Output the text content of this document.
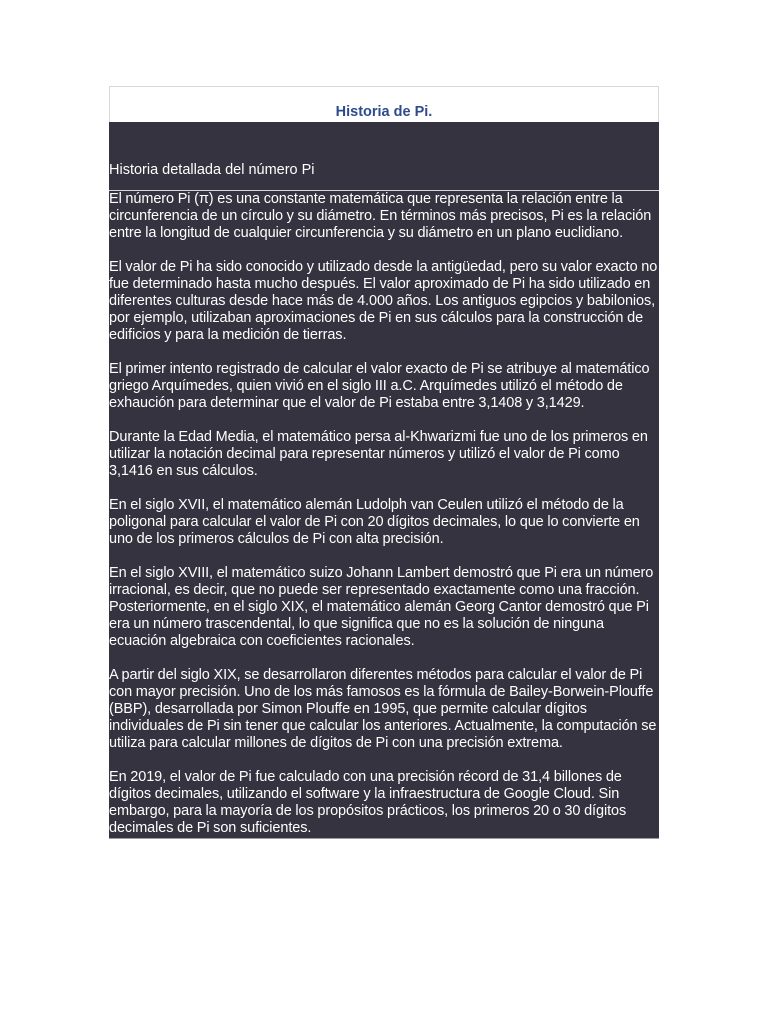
Historia de Pi.
Historia detallada del número Pi

El número Pi (π) es una constante matemática que representa la relación entre la circunferencia de un círculo y su diámetro. En términos más precisos, Pi es la relación entre la longitud de cualquier circunferencia y su diámetro en un plano euclidiano.

El valor de Pi ha sido conocido y utilizado desde la antigüedad, pero su valor exacto no fue determinado hasta mucho después. El valor aproximado de Pi ha sido utilizado en diferentes culturas desde hace más de 4.000 años. Los antiguos egipcios y babilonios, por ejemplo, utilizaban aproximaciones de Pi en sus cálculos para la construcción de edificios y para la medición de tierras.

El primer intento registrado de calcular el valor exacto de Pi se atribuye al matemático griego Arquímedes, quien vivió en el siglo III a.C. Arquímedes utilizó el método de exhaución para determinar que el valor de Pi estaba entre 3,1408 y 3,1429.

Durante la Edad Media, el matemático persa al-Khwarizmi fue uno de los primeros en utilizar la notación decimal para representar números y utilizó el valor de Pi como 3,1416 en sus cálculos.

En el siglo XVII, el matemático alemán Ludolph van Ceulen utilizó el método de la poligonal para calcular el valor de Pi con 20 dígitos decimales, lo que lo convierte en uno de los primeros cálculos de Pi con alta precisión.

En el siglo XVIII, el matemático suizo Johann Lambert demostró que Pi era un número irracional, es decir, que no puede ser representado exactamente como una fracción. Posteriormente, en el siglo XIX, el matemático alemán Georg Cantor demostró que Pi era un número trascendental, lo que significa que no es la solución de ninguna ecuación algebraica con coeficientes racionales.

A partir del siglo XIX, se desarrollaron diferentes métodos para calcular el valor de Pi con mayor precisión. Uno de los más famosos es la fórmula de Bailey-Borwein-Plouffe (BBP), desarrollada por Simon Plouffe en 1995, que permite calcular dígitos individuales de Pi sin tener que calcular los anteriores. Actualmente, la computación se utiliza para calcular millones de dígitos de Pi con una precisión extrema.

En 2019, el valor de Pi fue calculado con una precisión récord de 31,4 billones de dígitos decimales, utilizando el software y la infraestructura de Google Cloud. Sin embargo, para la mayoría de los propósitos prácticos, los primeros 20 o 30 dígitos decimales de Pi son suficientes.
